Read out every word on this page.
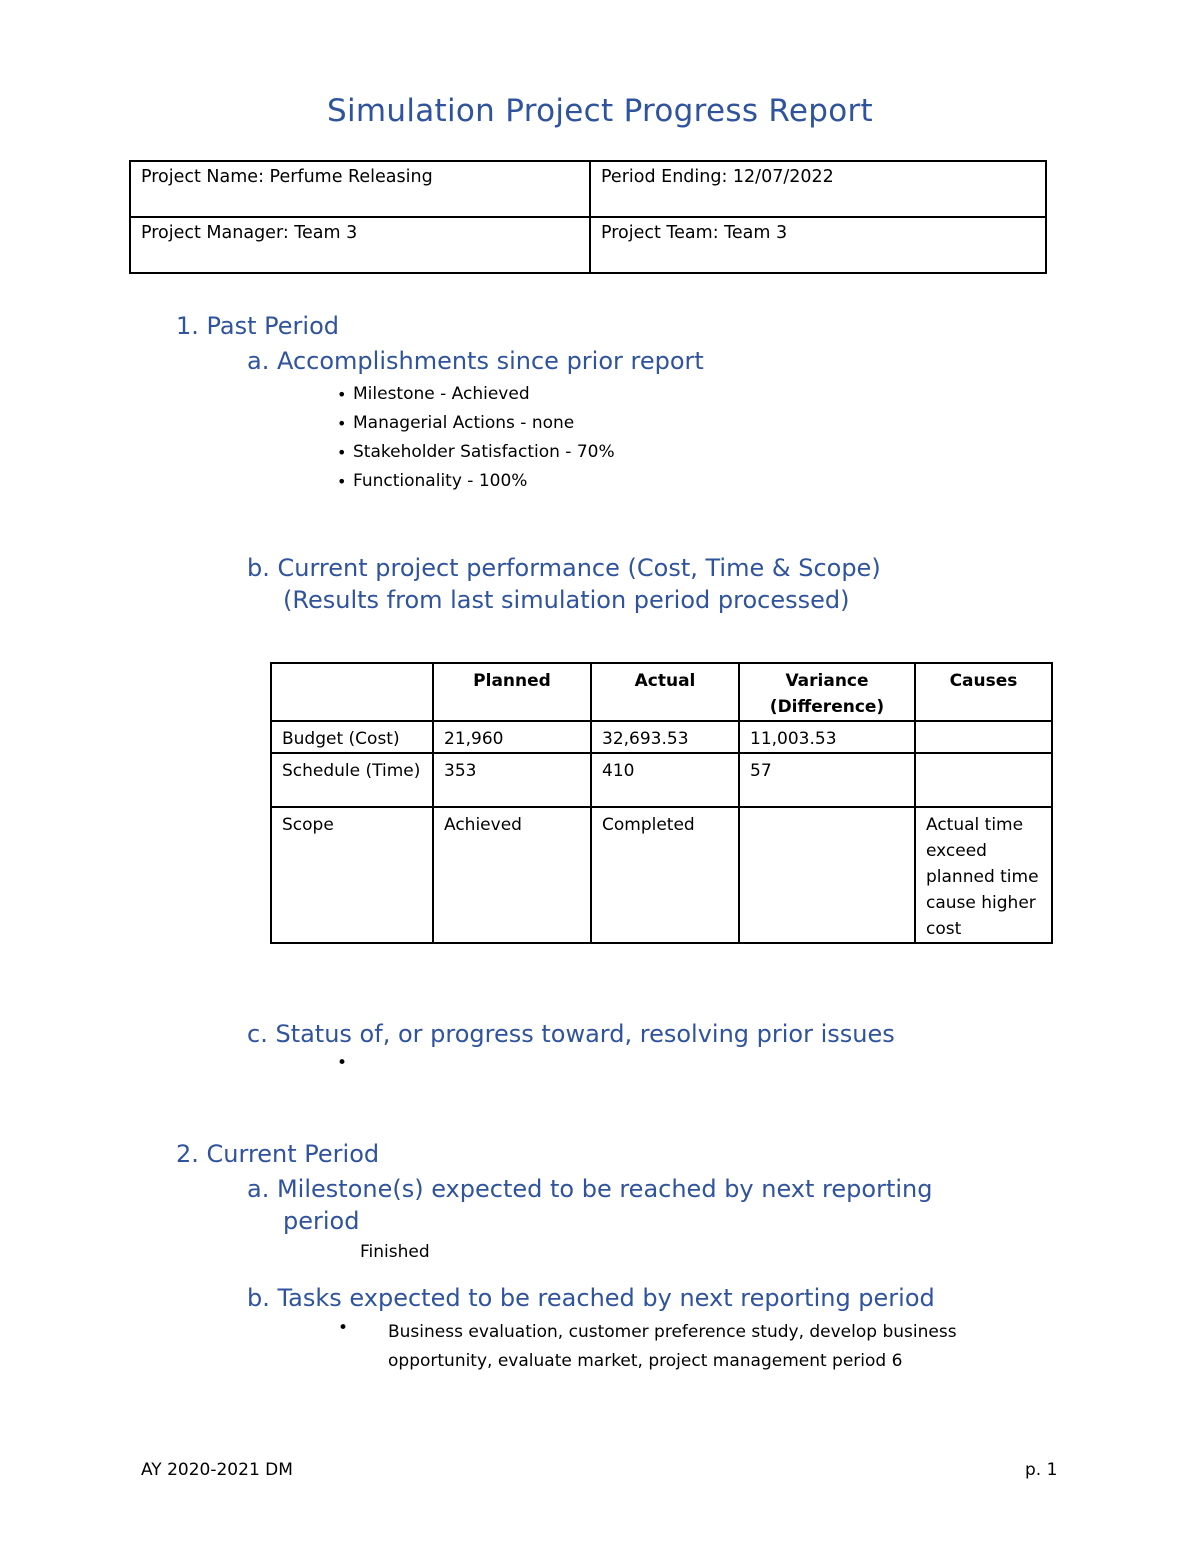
Simulation Project Progress Report
Project Name: Perfume Releasing	Period Ending: 12/07/2022
Project Manager: Team 3	Project Team: Team 3
1. Past Period
a. Accomplishments since prior report
• Milestone - Achieved
• Managerial Actions - none
• Stakeholder Satisfaction - 70%
• Functionality - 100%
b. Current project performance (Cost, Time & Scope)
(Results from last simulation period processed)
	Planned	Actual	Variance (Difference)	Causes
Budget (Cost)	21,960	32,693.53	11,003.53	
Schedule (Time)	353	410	57	
Scope	Achieved	Completed		Actual time exceed planned time cause higher cost
c. Status of, or progress toward, resolving prior issues
•
2. Current Period
a. Milestone(s) expected to be reached by next reporting
period
Finished
b. Tasks expected to be reached by next reporting period
• Business evaluation, customer preference study, develop business
opportunity, evaluate market, project management period 6
AY 2020-2021 DM	p. 1
